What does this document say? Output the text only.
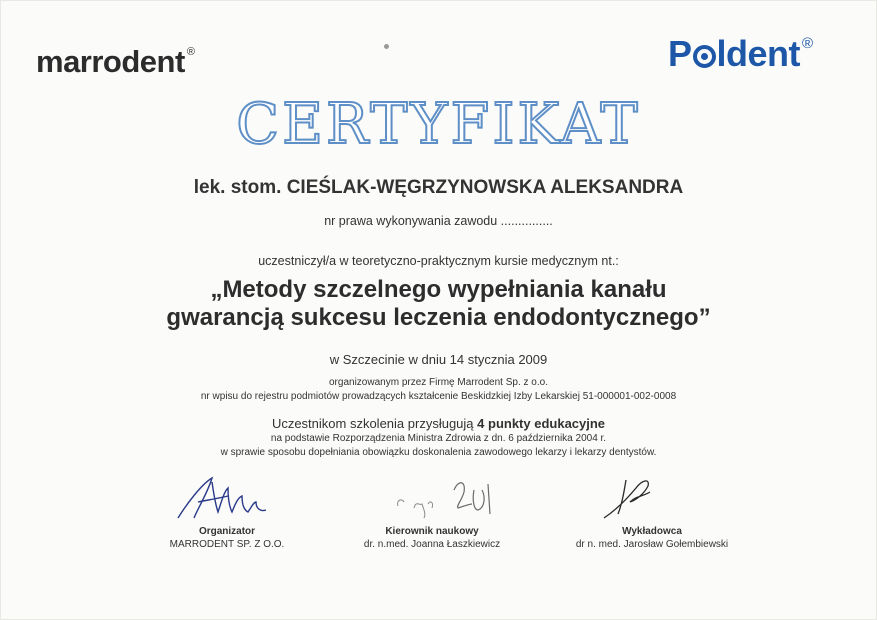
marrodent ®	P ldent®
CERTYFIKAT
lek. stom. CIEŚLAK-WĘGRZYNOWSKA ALEKSANDRA
nr prawa wykonywania zawodu ...............
uczestniczył/a w teoretyczno-praktycznym kursie medycznym nt.:
„Metody szczelnego wypełniania kanału
gwarancją sukcesu leczenia endodontycznego”
w Szczecinie w dniu 14 stycznia 2009
organizowanym przez Firmę Marrodent Sp. z o.o.
nr wpisu do rejestru podmiotów prowadzących kształcenie Beskidzkiej Izby Lekarskiej 51-000001-002-0008
Uczestnikom szkolenia przysługują 4 punkty edukacyjne
na podstawie Rozporządzenia Ministra Zdrowia z dn. 6 października 2004 r.
w sprawie sposobu dopełniania obowiązku doskonalenia zawodowego lekarzy i lekarzy dentystów.
Organizator
MARRODENT SP. Z O.O.
Kierownik naukowy
dr. n.med. Joanna Łaszkiewicz
Wykładowca
dr n. med. Jarosław Gołembiewski
